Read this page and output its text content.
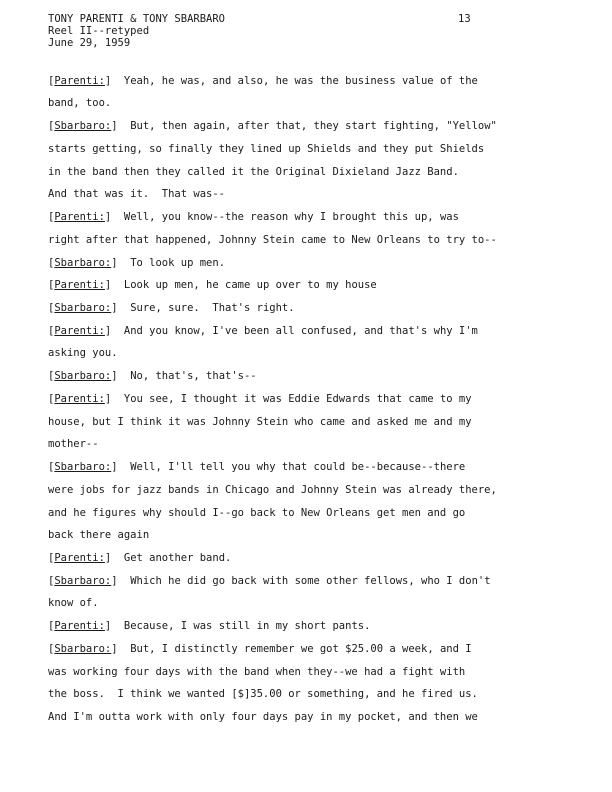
TONY PARENTI & TONY SBARBARO
Reel II--retyped
June 29, 1959
13
[Parenti:]  Yeah, he was, and also, he was the business value of the
band, too.
[Sbarbaro:]  But, then again, after that, they start fighting, "Yellow"
starts getting, so finally they lined up Shields and they put Shields
in the band then they called it the Original Dixieland Jazz Band.
And that was it.  That was--
[Parenti:]  Well, you know--the reason why I brought this up, was
right after that happened, Johnny Stein came to New Orleans to try to--
[Sbarbaro:]  To look up men.
[Parenti:]  Look up men, he came up over to my house
[Sbarbaro:]  Sure, sure.  That's right.
[Parenti:]  And you know, I've been all confused, and that's why I'm
asking you.
[Sbarbaro:]  No, that's, that's--
[Parenti:]  You see, I thought it was Eddie Edwards that came to my
house, but I think it was Johnny Stein who came and asked me and my
mother--
[Sbarbaro:]  Well, I'll tell you why that could be--because--there
were jobs for jazz bands in Chicago and Johnny Stein was already there,
and he figures why should I--go back to New Orleans get men and go
back there again
[Parenti:]  Get another band.
[Sbarbaro:]  Which he did go back with some other fellows, who I don't
know of.
[Parenti:]  Because, I was still in my short pants.
[Sbarbaro:]  But, I distinctly remember we got $25.00 a week, and I
was working four days with the band when they--we had a fight with
the boss.  I think we wanted [$]35.00 or something, and he fired us.
And I'm outta work with only four days pay in my pocket, and then we
